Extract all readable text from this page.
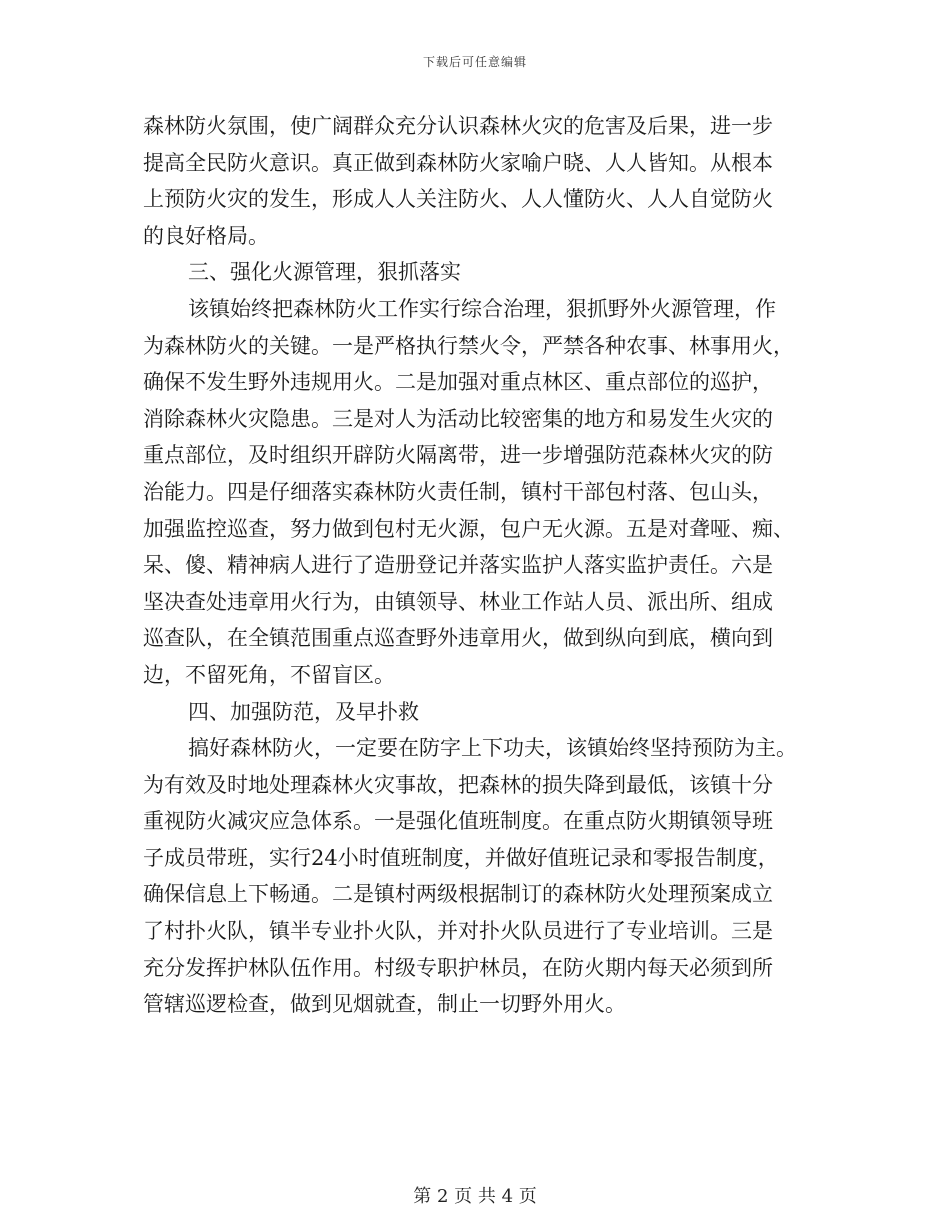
下载后可任意编辑
森林防火氛围，使广阔群众充分认识森林火灾的危害及后果，进一步
提高全民防火意识。真正做到森林防火家喻户晓、人人皆知。从根本
上预防火灾的发生，形成人人关注防火、人人懂防火、人人自觉防火
的良好格局。
三、强化火源管理，狠抓落实
该镇始终把森林防火工作实行综合治理，狠抓野外火源管理，作
为森林防火的关键。一是严格执行禁火令，严禁各种农事、林事用火，
确保不发生野外违规用火。二是加强对重点林区、重点部位的巡护，
消除森林火灾隐患。三是对人为活动比较密集的地方和易发生火灾的
重点部位，及时组织开辟防火隔离带，进一步增强防范森林火灾的防
治能力。四是仔细落实森林防火责任制，镇村干部包村落、包山头，
加强监控巡查，努力做到包村无火源，包户无火源。五是对聋哑、痴、
呆、傻、精神病人进行了造册登记并落实监护人落实监护责任。六是
坚决查处违章用火行为，由镇领导、林业工作站人员、派出所、组成
巡查队，在全镇范围重点巡查野外违章用火，做到纵向到底，横向到
边，不留死角，不留盲区。
四、加强防范，及早扑救
搞好森林防火，一定要在防字上下功夫，该镇始终坚持预防为主。
为有效及时地处理森林火灾事故，把森林的损失降到最低，该镇十分
重视防火减灾应急体系。一是强化值班制度。在重点防火期镇领导班
子成员带班，实行24小时值班制度，并做好值班记录和零报告制度，
确保信息上下畅通。二是镇村两级根据制订的森林防火处理预案成立
了村扑火队，镇半专业扑火队，并对扑火队员进行了专业培训。三是
充分发挥护林队伍作用。村级专职护林员，在防火期内每天必须到所
管辖巡逻检查，做到见烟就查，制止一切野外用火。
第 2 页 共 4 页
